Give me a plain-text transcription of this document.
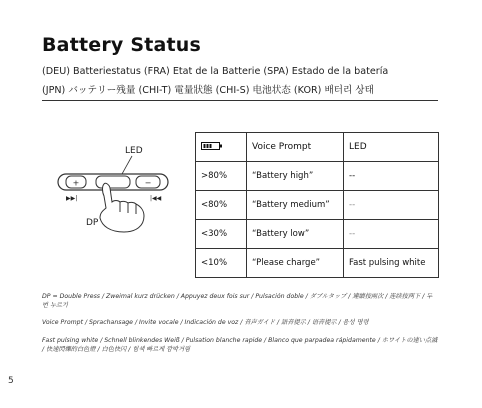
Battery Status
(DEU) Batteriestatus (FRA) Etat de la Batterie (SPA) Estado de la batería
(JPN) バッテリー残量 (CHI-T) 電量狀態 (CHI-S) 电池状态 (KOR) 배터리 상태
LED
DP
+	−
▶▶|	|◀◀
	Voice Prompt	LED
>80%	“Battery high”	--
<80%	“Battery medium”	--
<30%	“Battery low”	--
<10%	“Please charge”	Fast pulsing white
DP = Double Press / Zweimal kurz drücken / Appuyez deux fois sur / Pulsación doble / ダブルタップ / 連續按兩次 / 连续按两下 / 두 번 누르기
Voice Prompt / Sprachansage / Invite vocale / Indicación de voz / 音声ガイド / 語音提示 / 语音提示 / 음성 명령
Fast pulsing white / Schnell blinkendes Weiß / Pulsation blanche rapide / Blanco que parpadea rápidamente / ホワイトの速い点滅 / 快速閃爍的白色燈 / 白色快闪 / 힘색 빠르게 깜박거림
5
